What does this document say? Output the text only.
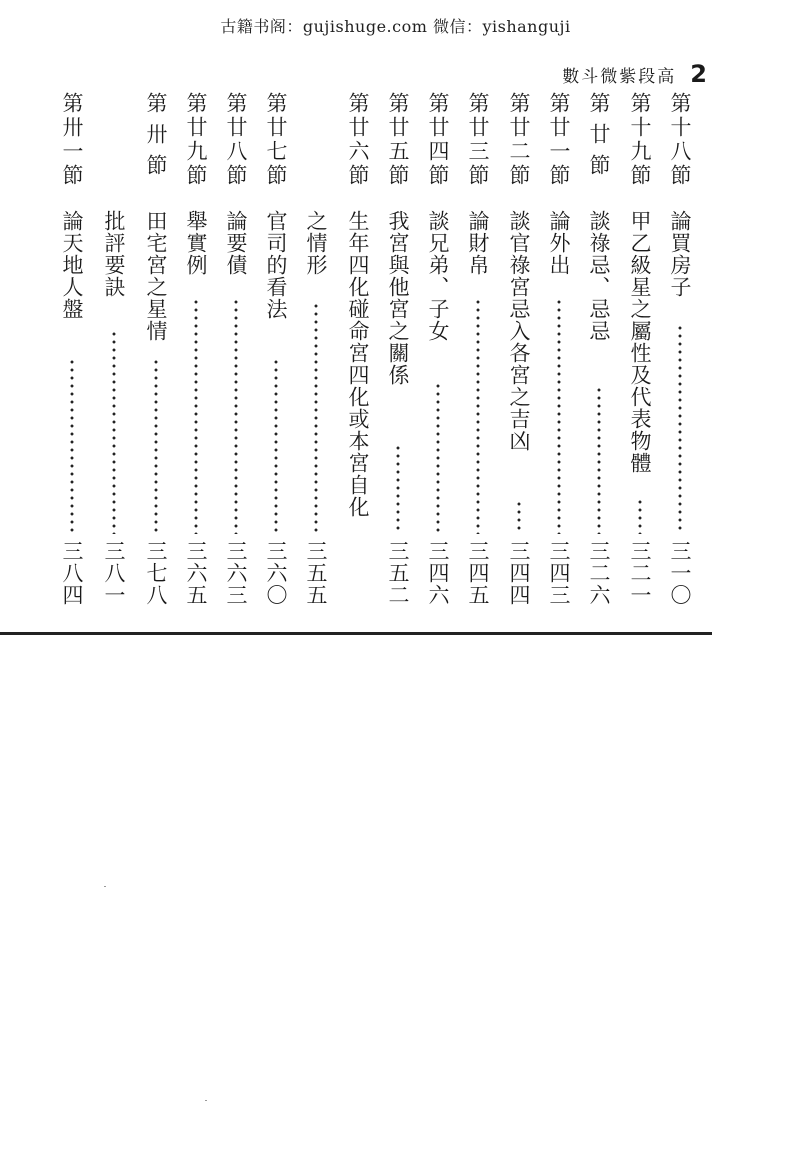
古籍书阁：gujishuge.com 微信：yishanguji
數斗微紫段高 2
第十八節
論買房子
三一〇
第十九節
甲乙級星之屬性及代表物體
三二一
第廿節
談祿忌、忌忌
三二六
第廿一節
論外出
三四三
第廿二節
談官祿宮忌入各宮之吉凶
三四四
第廿三節
論財帛
三四五
第廿四節
談兄弟、子女
三四六
第廿五節
我宮與他宮之關係
三五二
第廿六節
生年四化碰命宮四化或本宮自化
之情形
三五五
第廿七節
官司的看法
三六〇
第廿八節
論要債
三六三
第廿九節
舉實例
三六五
第卅節
田宅宮之星情
三七八
批評要訣
三八一
第卅一節
論天地人盤
三八四
